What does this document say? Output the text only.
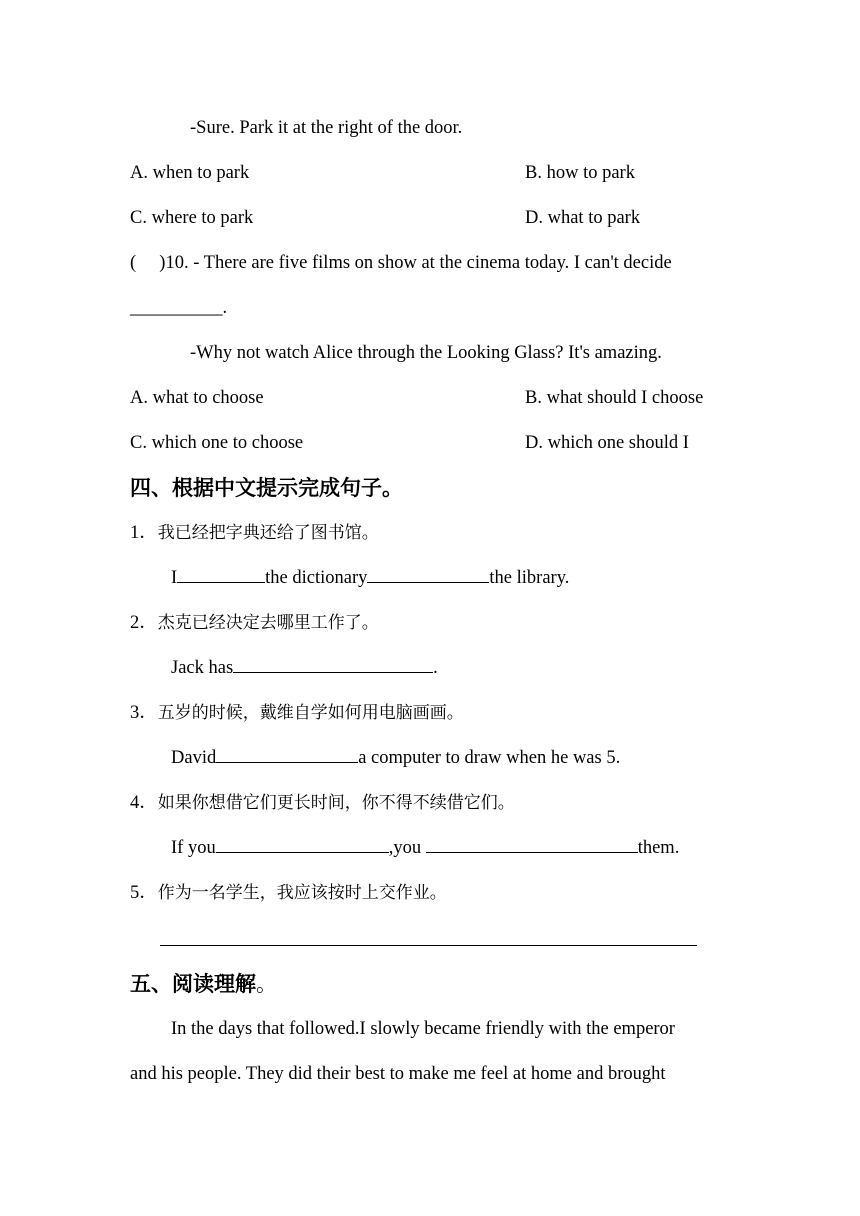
-Sure. Park it at the right of the door.
A. when to park	B. how to park
C. where to park	D. what to park
(     )10. - There are five films on show at the cinema today. I can't decide
__________.
-Why not watch Alice through the Looking Glass? It's amazing.
A. what to choose	B. what should I choose
C. which one to choose	D. which one should I
四、根据中文提示完成句子。
1．我已经把字典还给了图书馆。
I	the dictionary	the library.
2．杰克已经决定去哪里工作了。
Jack has	.
3．五岁的时候，戴维自学如何用电脑画画。
David	a computer to draw when he was 5.
4．如果你想借它们更长时间，你不得不续借它们。
If you	,you	them.
5．作为一名学生，我应该按时上交作业。
五、阅读理解。
In the days that followed.I slowly became friendly with the emperor
and his people. They did their best to make me feel at home and brought
